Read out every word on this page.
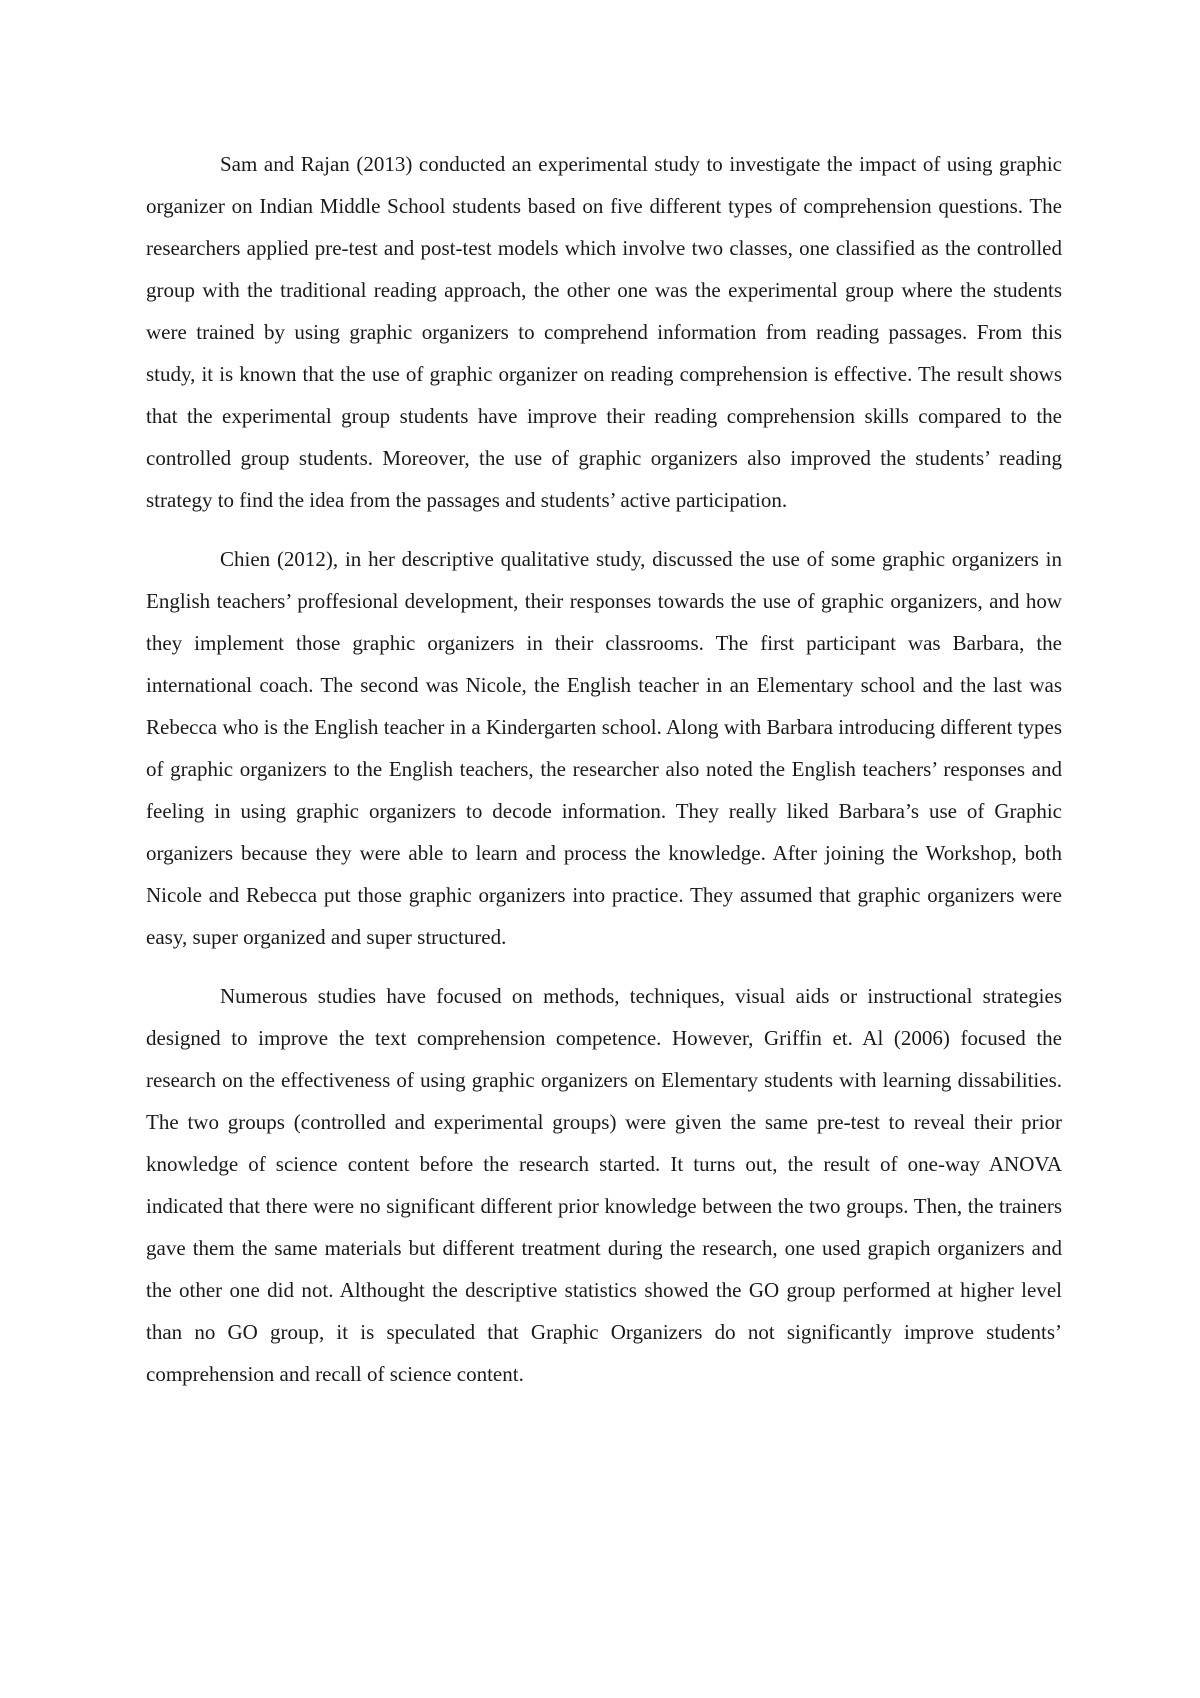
Sam and Rajan (2013) conducted an experimental study to investigate the impact of using graphic organizer on Indian Middle School students based on five different types of comprehension questions. The researchers applied pre-test and post-test models which involve two classes, one classified as the controlled group with the traditional reading approach, the other one was the experimental group where the students were trained by using graphic organizers to comprehend information from reading passages. From this study, it is known that the use of graphic organizer on reading comprehension is effective. The result shows that the experimental group students have improve their reading comprehension skills compared to the controlled group students. Moreover, the use of graphic organizers also improved the students’ reading strategy to find the idea from the passages and students’ active participation.

Chien (2012), in her descriptive qualitative study, discussed the use of some graphic organizers in English teachers’ proffesional development, their responses towards the use of graphic organizers, and how they implement those graphic organizers in their classrooms. The first participant was Barbara, the international coach. The second was Nicole, the English teacher in an Elementary school and the last was Rebecca who is the English teacher in a Kindergarten school. Along with Barbara introducing different types of graphic organizers to the English teachers, the researcher also noted the English teachers’ responses and feeling in using graphic organizers to decode information. They really liked Barbara’s use of Graphic organizers because they were able to learn and process the knowledge. After joining the Workshop, both Nicole and Rebecca put those graphic organizers into practice. They assumed that graphic organizers were easy, super organized and super structured.

Numerous studies have focused on methods, techniques, visual aids or instructional strategies designed to improve the text comprehension competence. However, Griffin et. Al (2006) focused the research on the effectiveness of using graphic organizers on Elementary students with learning dissabilities. The two groups (controlled and experimental groups) were given the same pre-test to reveal their prior knowledge of science content before the research started. It turns out, the result of one-way ANOVA indicated that there were no significant different prior knowledge between the two groups. Then, the trainers gave them the same materials but different treatment during the research, one used grapich organizers and the other one did not. Althought the descriptive statistics showed the GO group performed at higher level than no GO group, it is speculated that Graphic Organizers do not significantly improve students’ comprehension and recall of science content.
